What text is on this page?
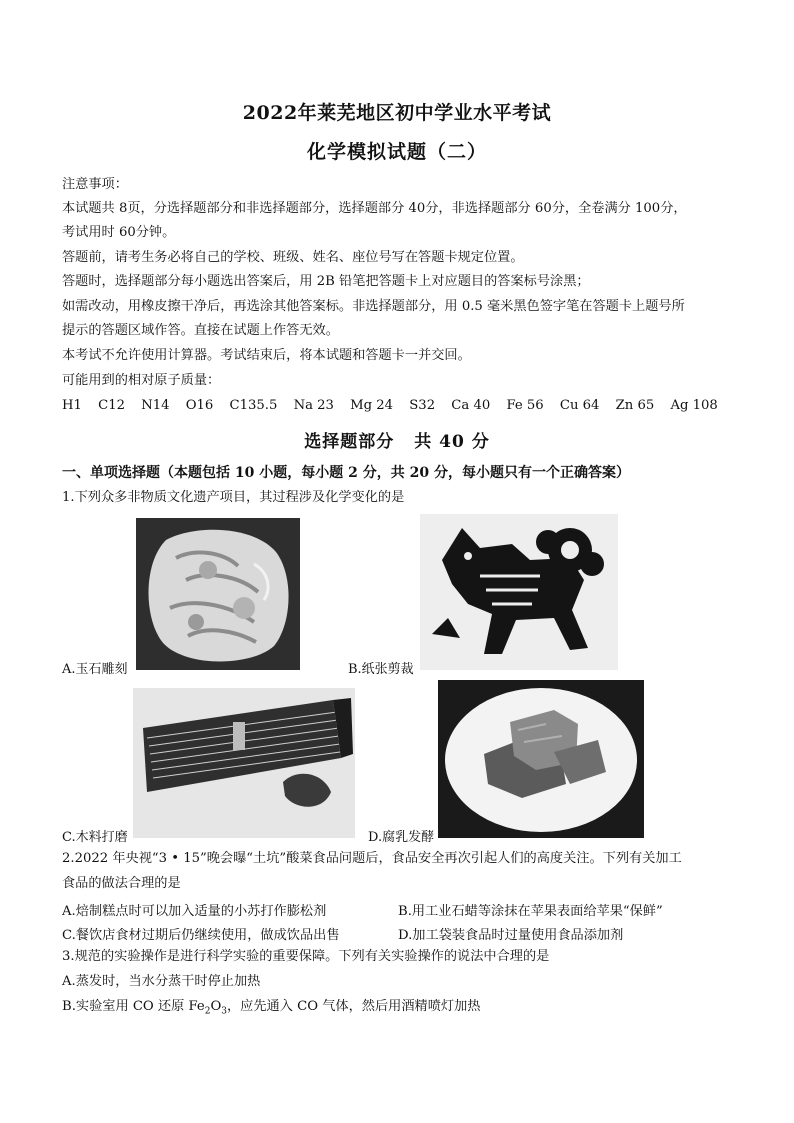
2022年莱芜地区初中学业水平考试
化学模拟试题（二）
注意事项：
本试题共 8页，分选择题部分和非选择题部分，选择题部分 40分，非选择题部分 60分，全卷满分 100分，
考试用时 60分钟。
答题前，请考生务必将自己的学校、班级、姓名、座位号写在答题卡规定位置。
答题时，选择题部分每小题选出答案后，用 2B 铅笔把答题卡上对应题目的答案标号涂黑；
如需改动，用橡皮擦干净后，再选涂其他答案标。非选择题部分，用 0.5 毫米黑色签字笔在答题卡上题号所
提示的答题区域作答。直接在试题上作答无效。
本考试不允许使用计算器。考试结束后，将本试题和答题卡一并交回。
可能用到的相对原子质量：
H1 C12 N14 O16 C135.5 Na 23 Mg 24 S32 Ca 40 Fe 56 Cu 64 Zn 65 Ag 108
选择题部分 共 40 分
一、单项选择题（本题包括 10 小题，每小题 2 分，共 20 分，每小题只有一个正确答案）
1.下列众多非物质文化遗产项目，其过程涉及化学变化的是
A.玉石雕刻	B.纸张剪裁
C.木料打磨	D.腐乳发酵
2.2022 年央视“3 • 15”晚会曝“土坑”酸菜食品问题后，食品安全再次引起人们的高度关注。下列有关加工
食品的做法合理的是
A.焙制糕点时可以加入适量的小苏打作膨松剂	B.用工业石蜡等涂抹在苹果表面给苹果“保鲜”
C.餐饮店食材过期后仍继续使用，做成饮品出售	D.加工袋装食品时过量使用食品添加剂
3.规范的实验操作是进行科学实验的重要保障。下列有关实验操作的说法中合理的是
A.蒸发时，当水分蒸干时停止加热
B.实验室用 CO 还原 $Fe_2O_3$，应先通入 CO 气体，然后用酒精喷灯加热
